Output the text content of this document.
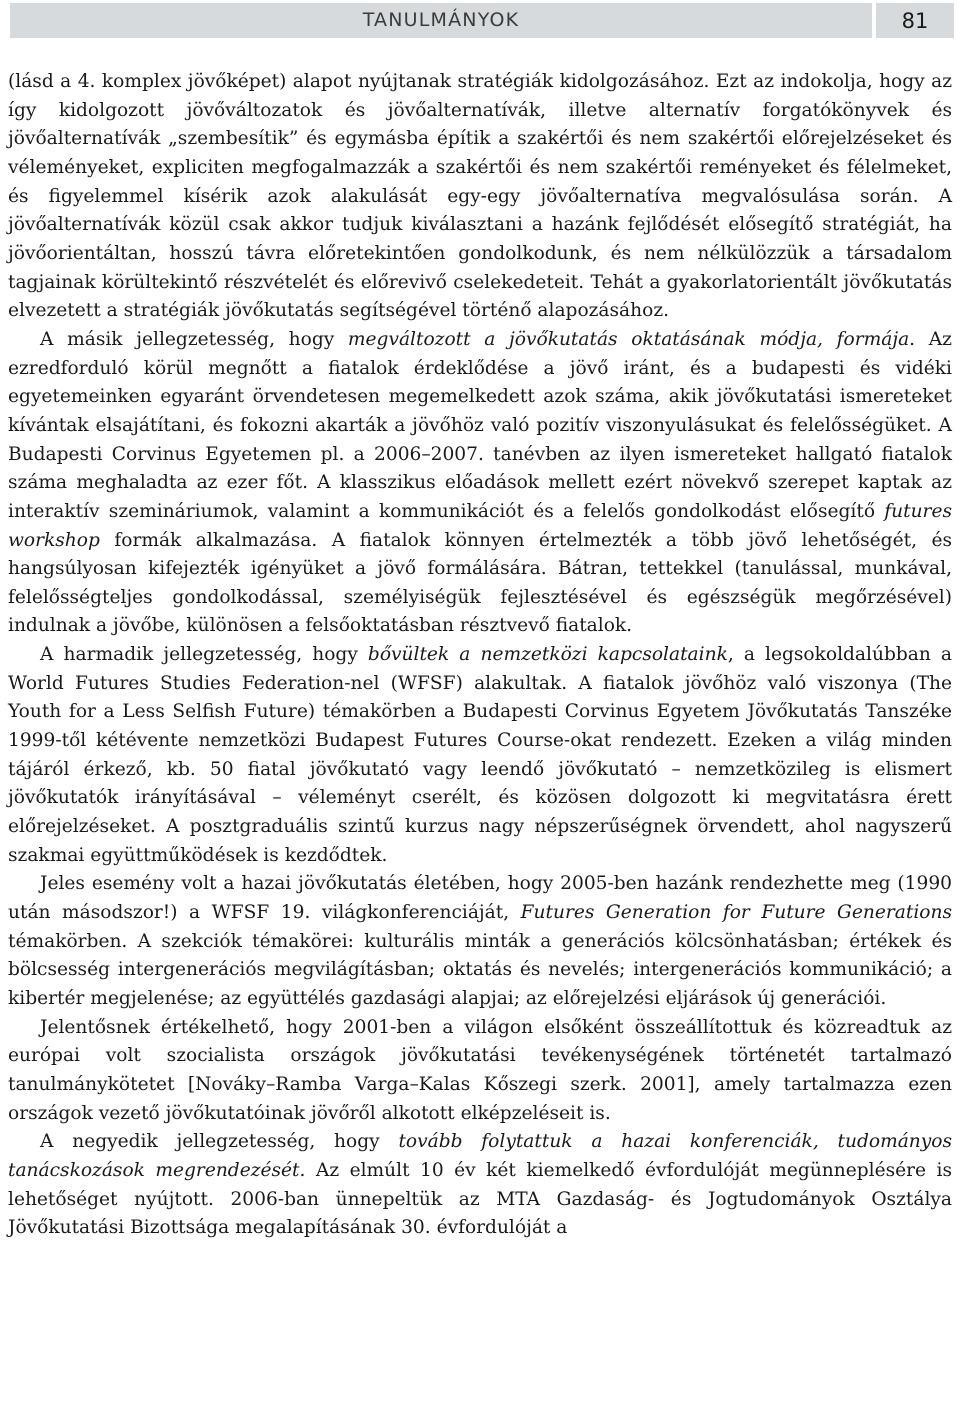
TANULMÁNYOK	81

(lásd a 4. komplex jövőképet) alapot nyújtanak stratégiák kidolgozásához. Ezt az indokolja, hogy az így kidolgozott jövőváltozatok és jövőalternatívák, illetve alternatív forgatókönyvek és jövőalternatívák „szembesítik” és egymásba építik a szakértői és nem szakértői előrejelzéseket és véleményeket, expliciten megfogalmazzák a szakértői és nem szakértői reményeket és félelmeket, és figyelemmel kísérik azok alakulását egy-egy jövőalternatíva megvalósulása során. A jövőalternatívák közül csak akkor tudjuk kiválasztani a hazánk fejlődését elősegítő stratégiát, ha jövőorientáltan, hosszú távra előretekintően gondolkodunk, és nem nélkülözzük a társadalom tagjainak körültekintő részvételét és előrevivő cselekedeteit. Tehát a gyakorlatorientált jövőkutatás elvezetett a stratégiák jövőkutatás segítségével történő alapozásához.

A másik jellegzetesség, hogy megváltozott a jövőkutatás oktatásának módja, formája. Az ezredforduló körül megnőtt a fiatalok érdeklődése a jövő iránt, és a budapesti és vidéki egyetemeinken egyaránt örvendetesen megemelkedett azok száma, akik jövőkutatási ismereteket kívántak elsajátítani, és fokozni akarták a jövőhöz való pozitív viszonyulásukat és felelősségüket. A Budapesti Corvinus Egyetemen pl. a 2006–2007. tanévben az ilyen ismereteket hallgató fiatalok száma meghaladta az ezer főt. A klasszikus előadások mellett ezért növekvő szerepet kaptak az interaktív szemináriumok, valamint a kommunikációt és a felelős gondolkodást elősegítő futures workshop formák alkalmazása. A fiatalok könnyen értelmezték a több jövő lehetőségét, és hangsúlyosan kifejezték igényüket a jövő formálására. Bátran, tettekkel (tanulással, munkával, felelősségteljes gondolkodással, személyiségük fejlesztésével és egészségük megőrzésével) indulnak a jövőbe, különösen a felsőoktatásban résztvevő fiatalok.

A harmadik jellegzetesség, hogy bővültek a nemzetközi kapcsolataink, a legsokoldalúbban a World Futures Studies Federation-nel (WFSF) alakultak. A fiatalok jövőhöz való viszonya (The Youth for a Less Selfish Future) témakörben a Budapesti Corvinus Egyetem Jövőkutatás Tanszéke 1999-től kétévente nemzetközi Budapest Futures Course-okat rendezett. Ezeken a világ minden tájáról érkező, kb. 50 fiatal jövőkutató vagy leendő jövőkutató – nemzetközileg is elismert jövőkutatók irányításával – véleményt cserélt, és közösen dolgozott ki megvitatásra érett előrejelzéseket. A posztgraduális szintű kurzus nagy népszerűségnek örvendett, ahol nagyszerű szakmai együttműködések is kezdődtek.

Jeles esemény volt a hazai jövőkutatás életében, hogy 2005-ben hazánk rendezhette meg (1990 után másodszor!) a WFSF 19. világkonferenciáját, Futures Generation for Future Generations témakörben. A szekciók témakörei: kulturális minták a generációs kölcsönhatásban; értékek és bölcsesség intergenerációs megvilágításban; oktatás és nevelés; intergenerációs kommunikáció; a kibertér megjelenése; az együttélés gazdasági alapjai; az előrejelzési eljárások új generációi.

Jelentősnek értékelhető, hogy 2001-ben a világon elsőként összeállítottuk és közreadtuk az európai volt szocialista országok jövőkutatási tevékenységének történetét tartalmazó tanulmánykötetet [Nováky–Ramba Varga–Kalas Kőszegi szerk. 2001], amely tartalmazza ezen országok vezető jövőkutatóinak jövőről alkotott elképzeléseit is.

A negyedik jellegzetesség, hogy tovább folytattuk a hazai konferenciák, tudományos tanácskozások megrendezését. Az elmúlt 10 év két kiemelkedő évfordulóját megünneplésére is lehetőséget nyújtott. 2006-ban ünnepeltük az MTA Gazdaság- és Jogtudományok Osztálya Jövőkutatási Bizottsága megalapításának 30. évfordulóját a
